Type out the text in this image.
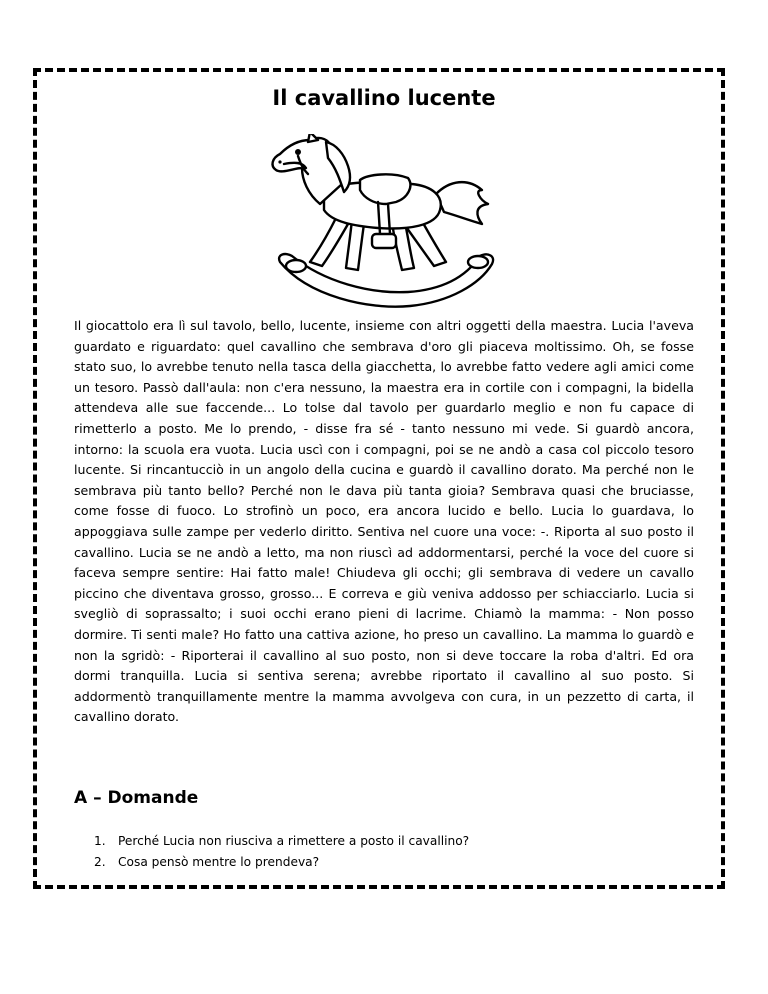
Il cavallino lucente

Il giocattolo era lì sul tavolo, bello, lucente, insieme con altri oggetti della maestra. Lucia l'aveva guardato e riguardato: quel cavallino che sembrava d'oro gli piaceva moltissimo. Oh, se fosse stato suo, lo avrebbe tenuto nella tasca della giacchetta, lo avrebbe fatto vedere agli amici come un tesoro. Passò dall'aula: non c'era nessuno, la maestra era in cortile con i compagni, la bidella attendeva alle sue faccende... Lo tolse dal tavolo per guardarlo meglio e non fu capace di rimetterlo a posto. Me lo prendo, - disse fra sé - tanto nessuno mi vede. Si guardò ancora, intorno: la scuola era vuota. Lucia uscì con i compagni, poi se ne andò a casa col piccolo tesoro lucente. Si rincantucciò in un angolo della cucina e guardò il cavallino dorato. Ma perché non le sembrava più tanto bello? Perché non le dava più tanta gioia? Sembrava quasi che bruciasse, come fosse di fuoco. Lo strofinò un poco, era ancora lucido e bello. Lucia lo guardava, lo appoggiava sulle zampe per vederlo diritto. Sentiva nel cuore una voce: -. Riporta al suo posto il cavallino. Lucia se ne andò a letto, ma non riuscì ad addormentarsi, perché la voce del cuore si faceva sempre sentire: Hai fatto male! Chiudeva gli occhi; gli sembrava di vedere un cavallo piccino che diventava grosso, grosso... E correva e giù veniva addosso per schiacciarlo. Lucia si svegliò di soprassalto; i suoi occhi erano pieni di lacrime. Chiamò la mamma: - Non posso dormire. Ti senti male? Ho fatto una cattiva azione, ho preso un cavallino. La mamma lo guardò e non la sgridò: - Riporterai il cavallino al suo posto, non si deve toccare la roba d'altri. Ed ora dormi tranquilla. Lucia si sentiva serena; avrebbe riportato il cavallino al suo posto. Si addormentò tranquillamente mentre la mamma avvolgeva con cura, in un pezzetto di carta, il cavallino dorato.

A – Domande
1.	Perché Lucia non riusciva a rimettere a posto il cavallino?
2.	Cosa pensò mentre lo prendeva?
